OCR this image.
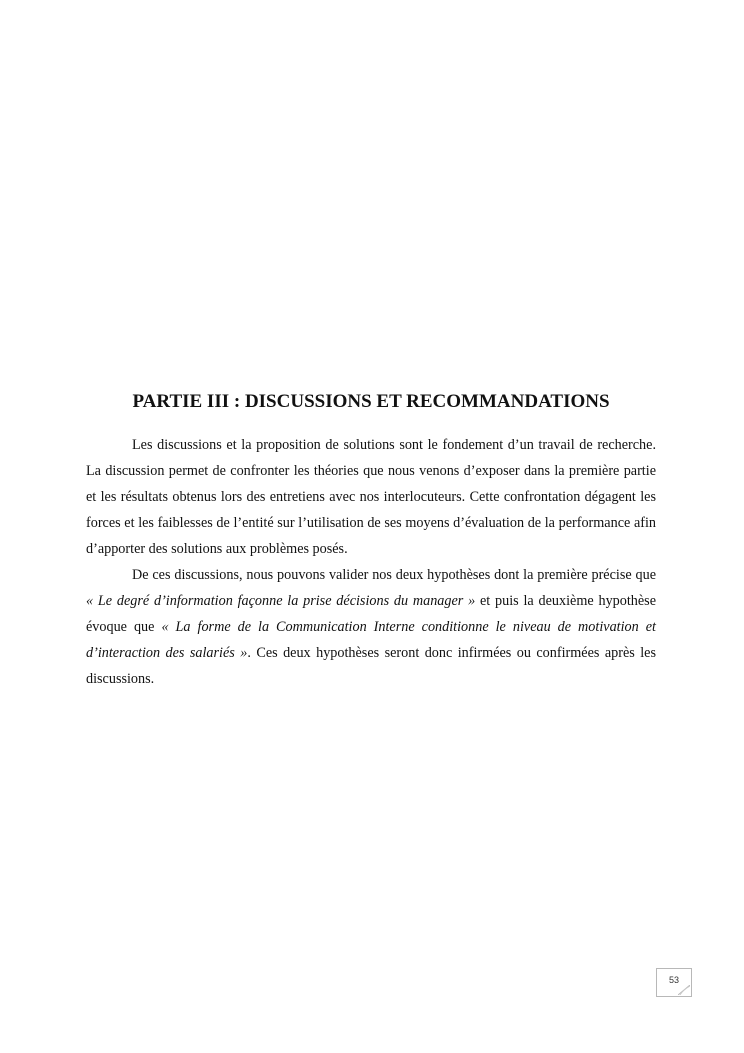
PARTIE III : DISCUSSIONS ET RECOMMANDATIONS

Les discussions et la proposition de solutions sont le fondement d’un travail de recherche. La discussion permet de confronter les théories que nous venons d’exposer dans la première partie et les résultats obtenus lors des entretiens avec nos interlocuteurs. Cette confrontation dégagent les forces et les faiblesses de l’entité sur l’utilisation de ses moyens d’évaluation de la performance afin d’apporter des solutions aux problèmes posés.

De ces discussions, nous pouvons valider nos deux hypothèses dont la première précise que « Le degré d’information façonne la prise décisions du manager » et puis la deuxième hypothèse évoque que « La forme de la Communication Interne conditionne le niveau de motivation et d’interaction des salariés ». Ces deux hypothèses seront donc infirmées ou confirmées après les discussions.

53
